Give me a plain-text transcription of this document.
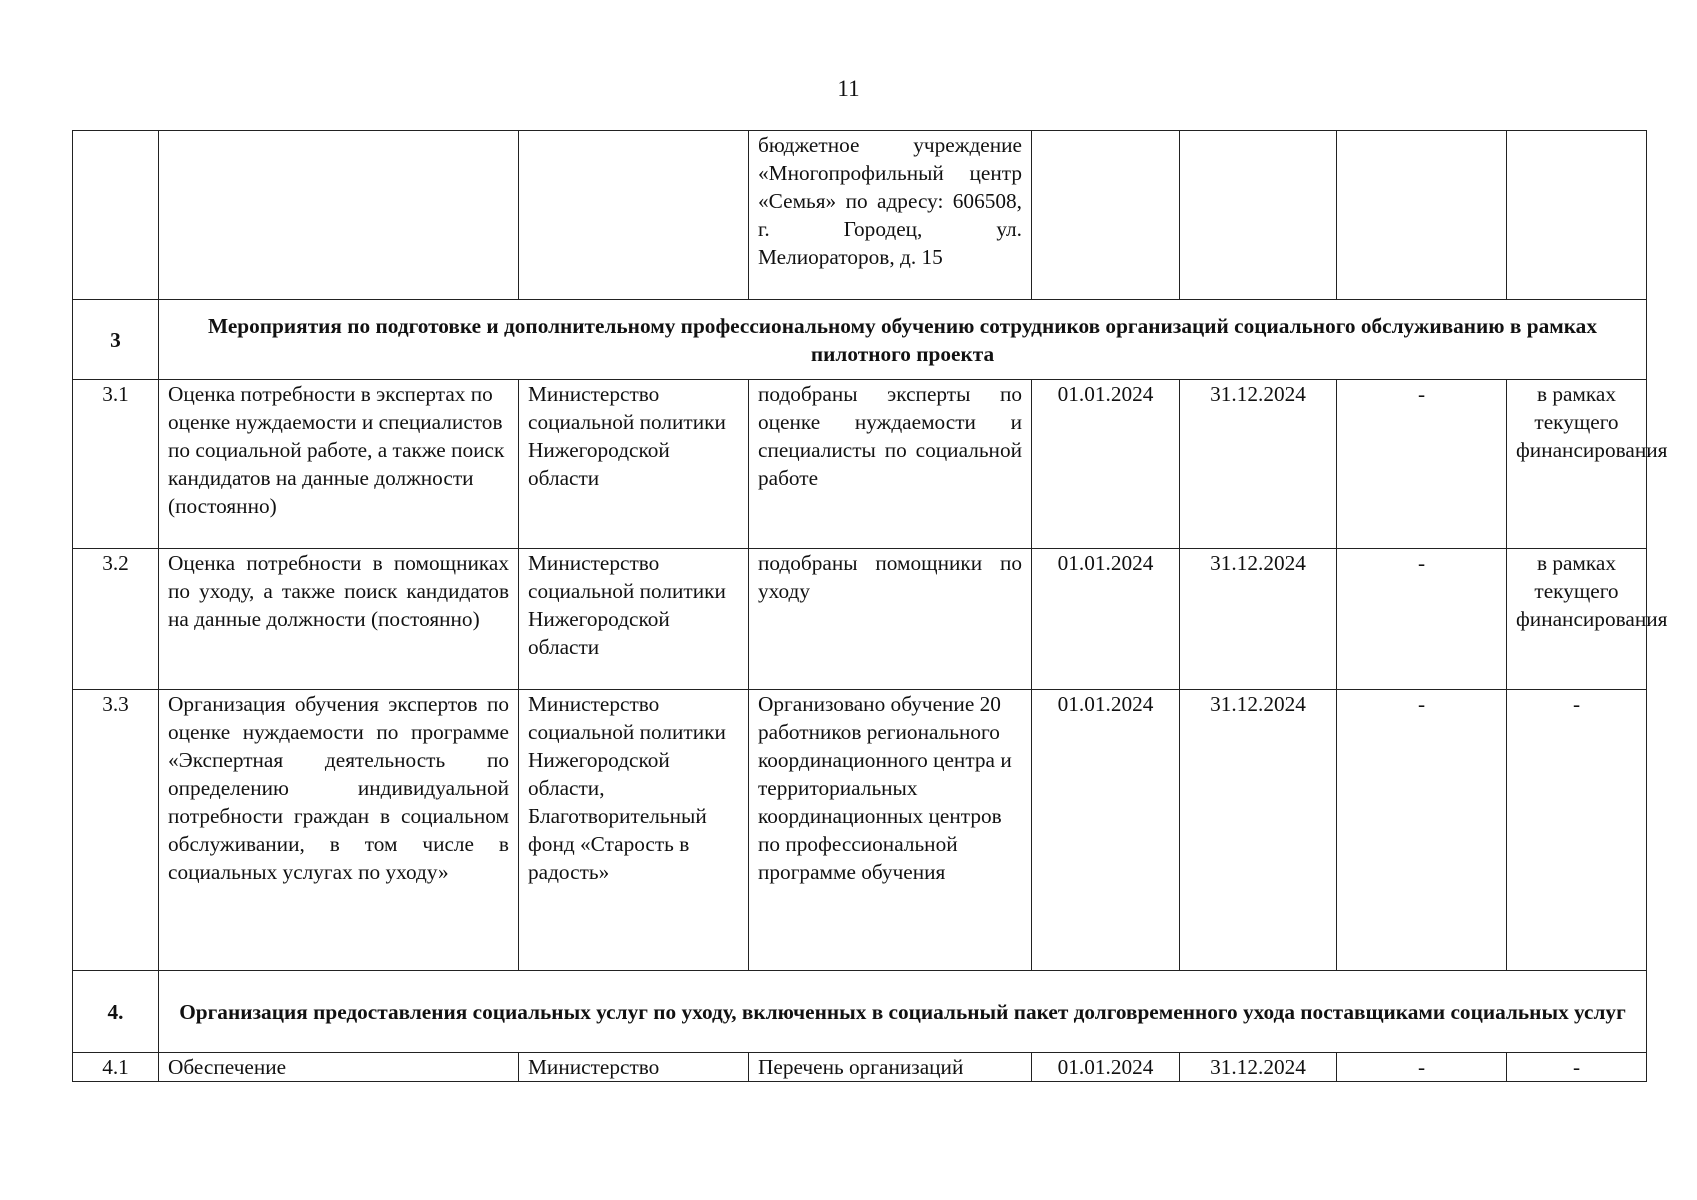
11
			бюджетное учреждение «Многопрофильный центр «Семья» по адресу: 606508, г. Городец, ул. Мелиораторов, д. 15				
3	Мероприятия по подготовке и дополнительному профессиональному обучению сотрудников организаций социального обслуживанию в рамках пилотного проекта						
3.1	Оценка потребности в экспертах по оценке нуждаемости и специалистов по социальной работе, а также поиск кандидатов на данные должности (постоянно)	Министерство социальной политики Нижегородской области	подобраны эксперты по оценке нуждаемости и специалисты по социальной работе	01.01.2024	31.12.2024	-	в рамках текущего финансирования
3.2	Оценка потребности в помощниках по уходу, а также поиск кандидатов на данные должности (постоянно)	Министерство социальной политики Нижегородской области	подобраны помощники по уходу	01.01.2024	31.12.2024	-	в рамках текущего финансирования
3.3	Организация обучения экспертов по оценке нуждаемости по программе «Экспертная деятельность по определению индивидуальной потребности граждан в социальном обслуживании, в том числе в социальных услугах по уходу»	Министерство социальной политики Нижегородской области, Благотворительный фонд «Старость в радость»	Организовано обучение 20 работников регионального координационного центра и территориальных координационных центров по профессиональной программе обучения	01.01.2024	31.12.2024	-	-
4.	Организация предоставления социальных услуг по уходу, включенных в социальный пакет долговременного ухода поставщиками социальных услуг						
4.1	Обеспечение	Министерство	Перечень организаций	01.01.2024	31.12.2024	-	-
